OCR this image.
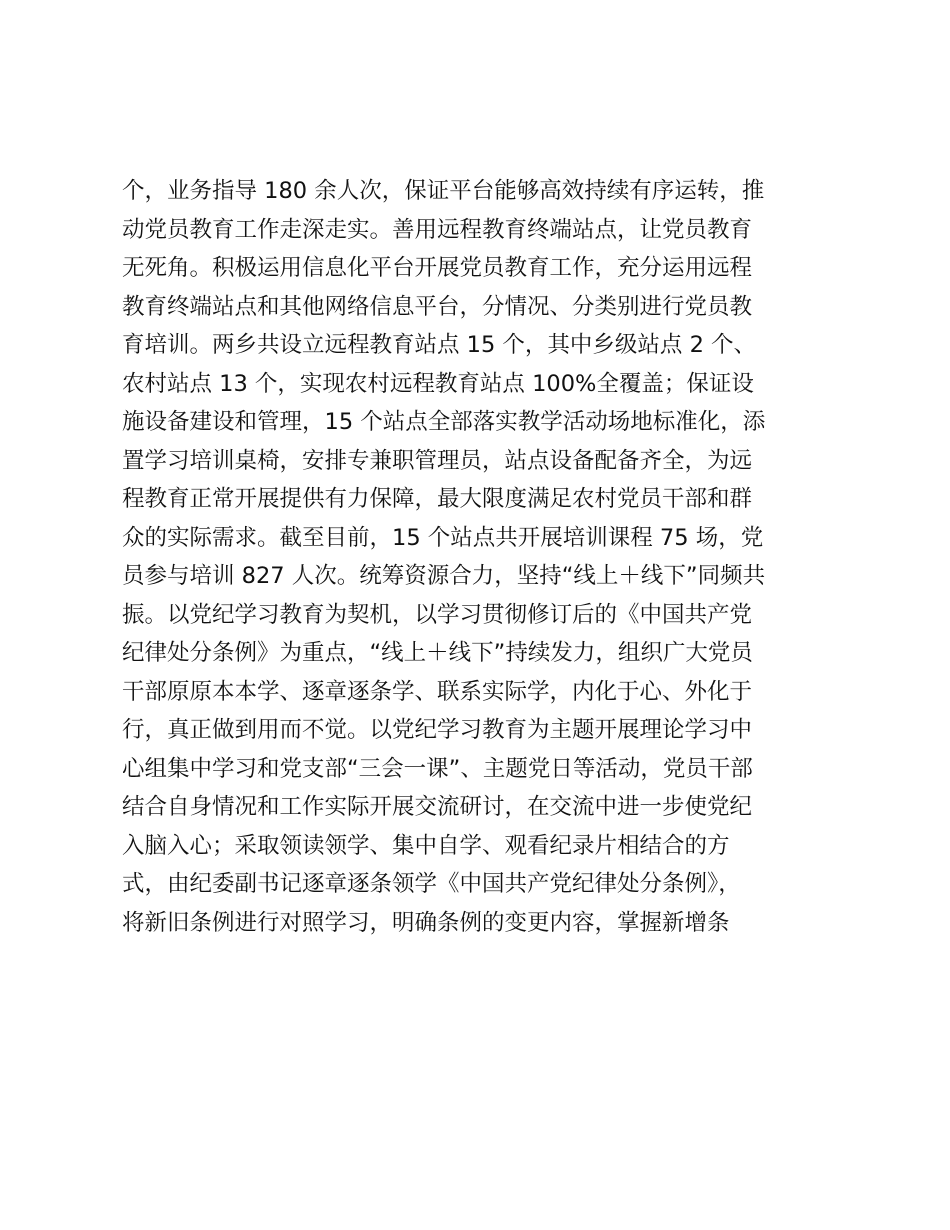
个，业务指导 180 余人次，保证平台能够高效持续有序运转，推
动党员教育工作走深走实。善用远程教育终端站点，让党员教育
无死角。积极运用信息化平台开展党员教育工作，充分运用远程
教育终端站点和其他网络信息平台，分情况、分类别进行党员教
育培训。两乡共设立远程教育站点 15 个，其中乡级站点 2 个、
农村站点 13 个，实现农村远程教育站点 100%全覆盖；保证设
施设备建设和管理，15 个站点全部落实教学活动场地标准化，添
置学习培训桌椅，安排专兼职管理员，站点设备配备齐全，为远
程教育正常开展提供有力保障，最大限度满足农村党员干部和群
众的实际需求。截至目前，15 个站点共开展培训课程 75 场，党
员参与培训 827 人次。统筹资源合力，坚持“线上＋线下”同频共
振。以党纪学习教育为契机，以学习贯彻修订后的《中国共产党
纪律处分条例》为重点，“线上＋线下”持续发力，组织广大党员
干部原原本本学、逐章逐条学、联系实际学，内化于心、外化于
行，真正做到用而不觉。以党纪学习教育为主题开展理论学习中
心组集中学习和党支部“三会一课”、主题党日等活动，党员干部
结合自身情况和工作实际开展交流研讨，在交流中进一步使党纪
入脑入心；采取领读领学、集中自学、观看纪录片相结合的方
式，由纪委副书记逐章逐条领学《中国共产党纪律处分条例》，
将新旧条例进行对照学习，明确条例的变更内容，掌握新增条
